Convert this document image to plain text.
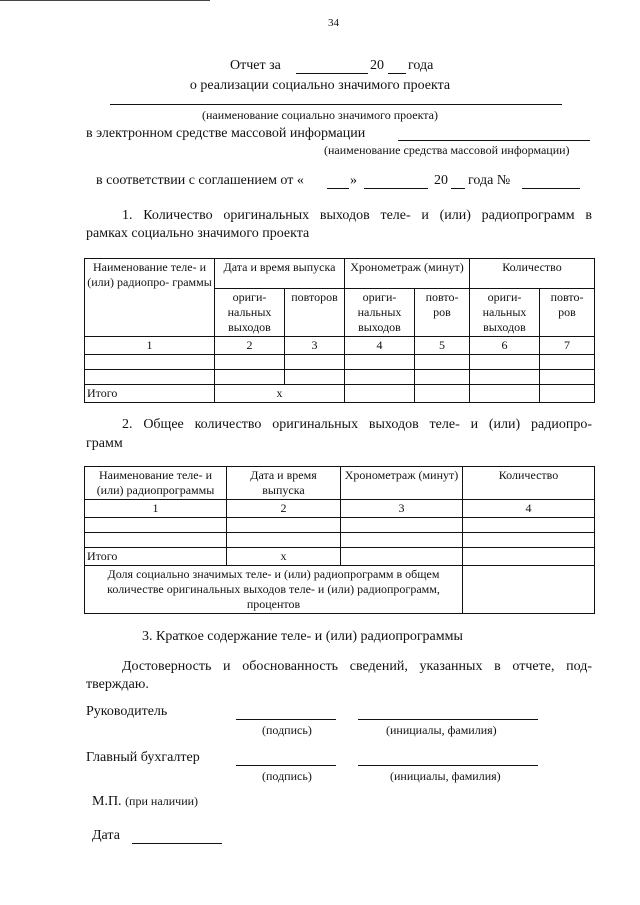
34
Отчет за	20 года
о реализации социально значимого проекта
(наименование социально значимого проекта)
в электронном средстве массовой информации
(наименование средства массовой информации)
в соответствии с соглашением от «	»	20 года №
1. Количество оригинальных выходов теле- и (или) радиопрограмм в
рамках социально значимого проекта
Наименование теле- и (или) радиопро- граммы	Дата и время выпуска		Хронометраж (минут)		Количество	
	ориги- нальных выходов	повторов	ориги- нальных выходов	повто- ров	ориги- нальных выходов	повто- ров
1	2	3	4	5	6	7

Итого	х					
2. Общее количество оригинальных выходов теле- и (или) радиопро-
грамм
Наименование теле- и (или) радиопрограммы	Дата и время выпуска	Хронометраж (минут)	Количество
1	2	3	4

Итого	х		
Доля социально значимых теле- и (или) радиопрограмм в общем количестве оригинальных выходов теле- и (или) радиопрограмм, процентов			
3. Краткое содержание теле- и (или) радиопрограммы
Достоверность и обоснованность сведений, указанных в отчете, под-
тверждаю.
Руководитель
(подпись)	(инициалы, фамилия)
Главный бухгалтер
(подпись)	(инициалы, фамилия)
М.П. (при наличии)
Дата
